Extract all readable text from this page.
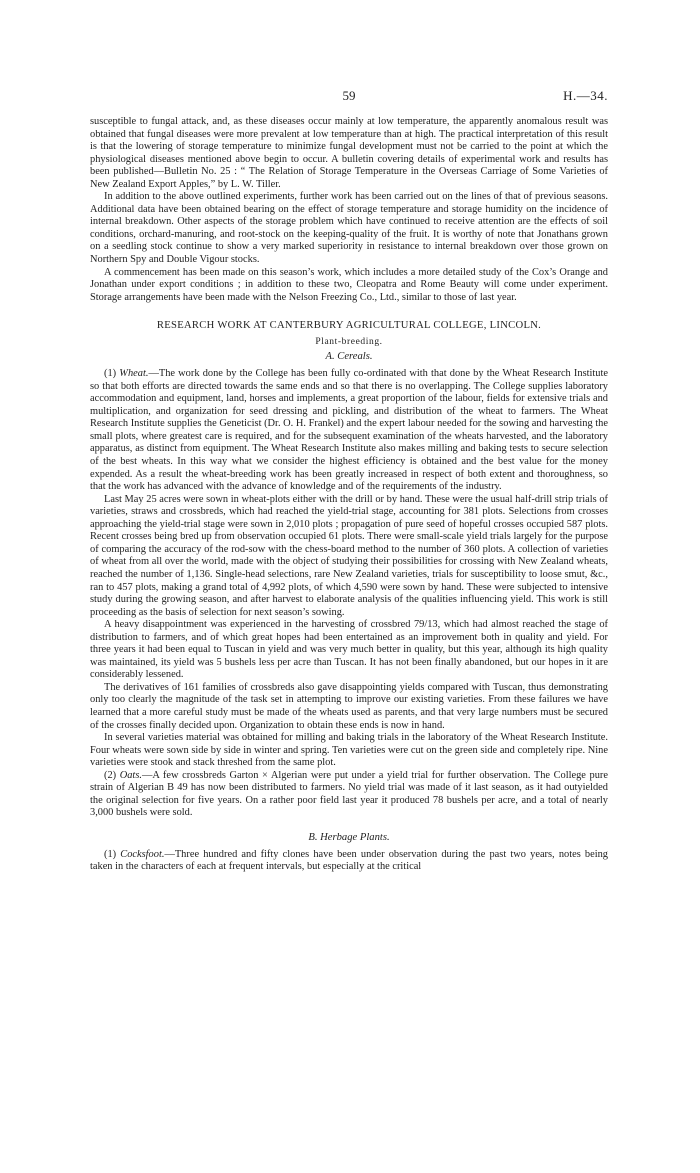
59	H.—34.

susceptible to fungal attack, and, as these diseases occur mainly at low temperature, the apparently anomalous result was obtained that fungal diseases were more prevalent at low temperature than at high. The practical interpretation of this result is that the lowering of storage temperature to minimize fungal development must not be carried to the point at which the physiological diseases mentioned above begin to occur. A bulletin covering details of experimental work and results has been published—Bulletin No. 25 : “ The Relation of Storage Temperature in the Overseas Carriage of Some Varieties of New Zealand Export Apples,” by L. W. Tiller.

In addition to the above outlined experiments, further work has been carried out on the lines of that of previous seasons. Additional data have been obtained bearing on the effect of storage temperature and storage humidity on the incidence of internal breakdown. Other aspects of the storage problem which have continued to receive attention are the effects of soil conditions, orchard-manuring, and root-stock on the keeping-quality of the fruit. It is worthy of note that Jonathans grown on a seedling stock continue to show a very marked superiority in resistance to internal breakdown over those grown on Northern Spy and Double Vigour stocks.

A commencement has been made on this season’s work, which includes a more detailed study of the Cox’s Orange and Jonathan under export conditions ; in addition to these two, Cleopatra and Rome Beauty will come under experiment. Storage arrangements have been made with the Nelson Freezing Co., Ltd., similar to those of last year.

RESEARCH WORK AT CANTERBURY AGRICULTURAL COLLEGE, LINCOLN.
Plant-breeding.
A. Cereals.

(1) Wheat.—The work done by the College has been fully co-ordinated with that done by the Wheat Research Institute so that both efforts are directed towards the same ends and so that there is no overlapping. The College supplies laboratory accommodation and equipment, land, horses and implements, a great proportion of the labour, fields for extensive trials and multiplication, and organization for seed dressing and pickling, and distribution of the wheat to farmers. The Wheat Research Institute supplies the Geneticist (Dr. O. H. Frankel) and the expert labour needed for the sowing and harvesting the small plots, where greatest care is required, and for the subsequent examination of the wheats harvested, and the laboratory apparatus, as distinct from equipment. The Wheat Research Institute also makes milling and baking tests to secure selection of the best wheats. In this way what we consider the highest efficiency is obtained and the best value for the money expended. As a result the wheat-breeding work has been greatly increased in respect of both extent and thoroughness, so that the work has advanced with the advance of knowledge and of the requirements of the industry.

Last May 25 acres were sown in wheat-plots either with the drill or by hand. These were the usual half-drill strip trials of varieties, straws and crossbreds, which had reached the yield-trial stage, accounting for 381 plots. Selections from crosses approaching the yield-trial stage were sown in 2,010 plots ; propagation of pure seed of hopeful crosses occupied 587 plots. Recent crosses being bred up from observation occupied 61 plots. There were small-scale yield trials largely for the purpose of comparing the accuracy of the rod-sow with the chess-board method to the number of 360 plots. A collection of varieties of wheat from all over the world, made with the object of studying their possibilities for crossing with New Zealand wheats, reached the number of 1,136. Single-head selections, rare New Zealand varieties, trials for susceptibility to loose smut, &c., ran to 457 plots, making a grand total of 4,992 plots, of which 4,590 were sown by hand. These were subjected to intensive study during the growing season, and after harvest to elaborate analysis of the qualities influencing yield. This work is still proceeding as the basis of selection for next season’s sowing.

A heavy disappointment was experienced in the harvesting of crossbred 79/13, which had almost reached the stage of distribution to farmers, and of which great hopes had been entertained as an improvement both in quality and yield. For three years it had been equal to Tuscan in yield and was very much better in quality, but this year, although its high quality was maintained, its yield was 5 bushels less per acre than Tuscan. It has not been finally abandoned, but our hopes in it are considerably lessened.

The derivatives of 161 families of crossbreds also gave disappointing yields compared with Tuscan, thus demonstrating only too clearly the magnitude of the task set in attempting to improve our existing varieties. From these failures we have learned that a more careful study must be made of the wheats used as parents, and that very large numbers must be secured of the crosses finally decided upon. Organization to obtain these ends is now in hand.

In several varieties material was obtained for milling and baking trials in the laboratory of the Wheat Research Institute. Four wheats were sown side by side in winter and spring. Ten varieties were cut on the green side and completely ripe. Nine varieties were stook and stack threshed from the same plot.

(2) Oats.—A few crossbreds Garton × Algerian were put under a yield trial for further observation. The College pure strain of Algerian B 49 has now been distributed to farmers. No yield trial was made of it last season, as it had outyielded the original selection for five years. On a rather poor field last year it produced 78 bushels per acre, and a total of nearly 3,000 bushels were sold.

B. Herbage Plants.

(1) Cocksfoot.—Three hundred and fifty clones have been under observation during the past two years, notes being taken in the characters of each at frequent intervals, but especially at the critical
